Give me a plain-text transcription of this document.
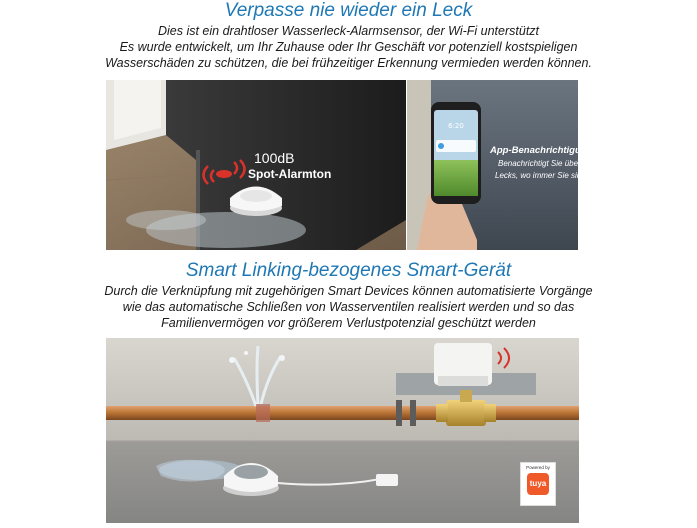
Verpasse nie wieder ein Leck
Dies ist ein drahtloser Wasserleck-Alarmsensor, der Wi-Fi unterstützt
Es wurde entwickelt, um Ihr Zuhause oder Ihr Geschäft vor potenziell kostspieligen
Wasserschäden zu schützen, die bei frühzeitiger Erkennung vermieden werden können.
100dB
Spot-Alarmton
6:20
App-Benachrichtigung
Benachrichtigt Sie über
Lecks, wo immer Sie sind.
Smart Linking-bezogenes Smart-Gerät
Durch die Verknüpfung mit zugehörigen Smart Devices können automatisierte Vorgänge
wie das automatische Schließen von Wasserventilen realisiert werden und so das
Familienvermögen vor größerem Verlustpotenzial geschützt werden
Powered by
tuya
